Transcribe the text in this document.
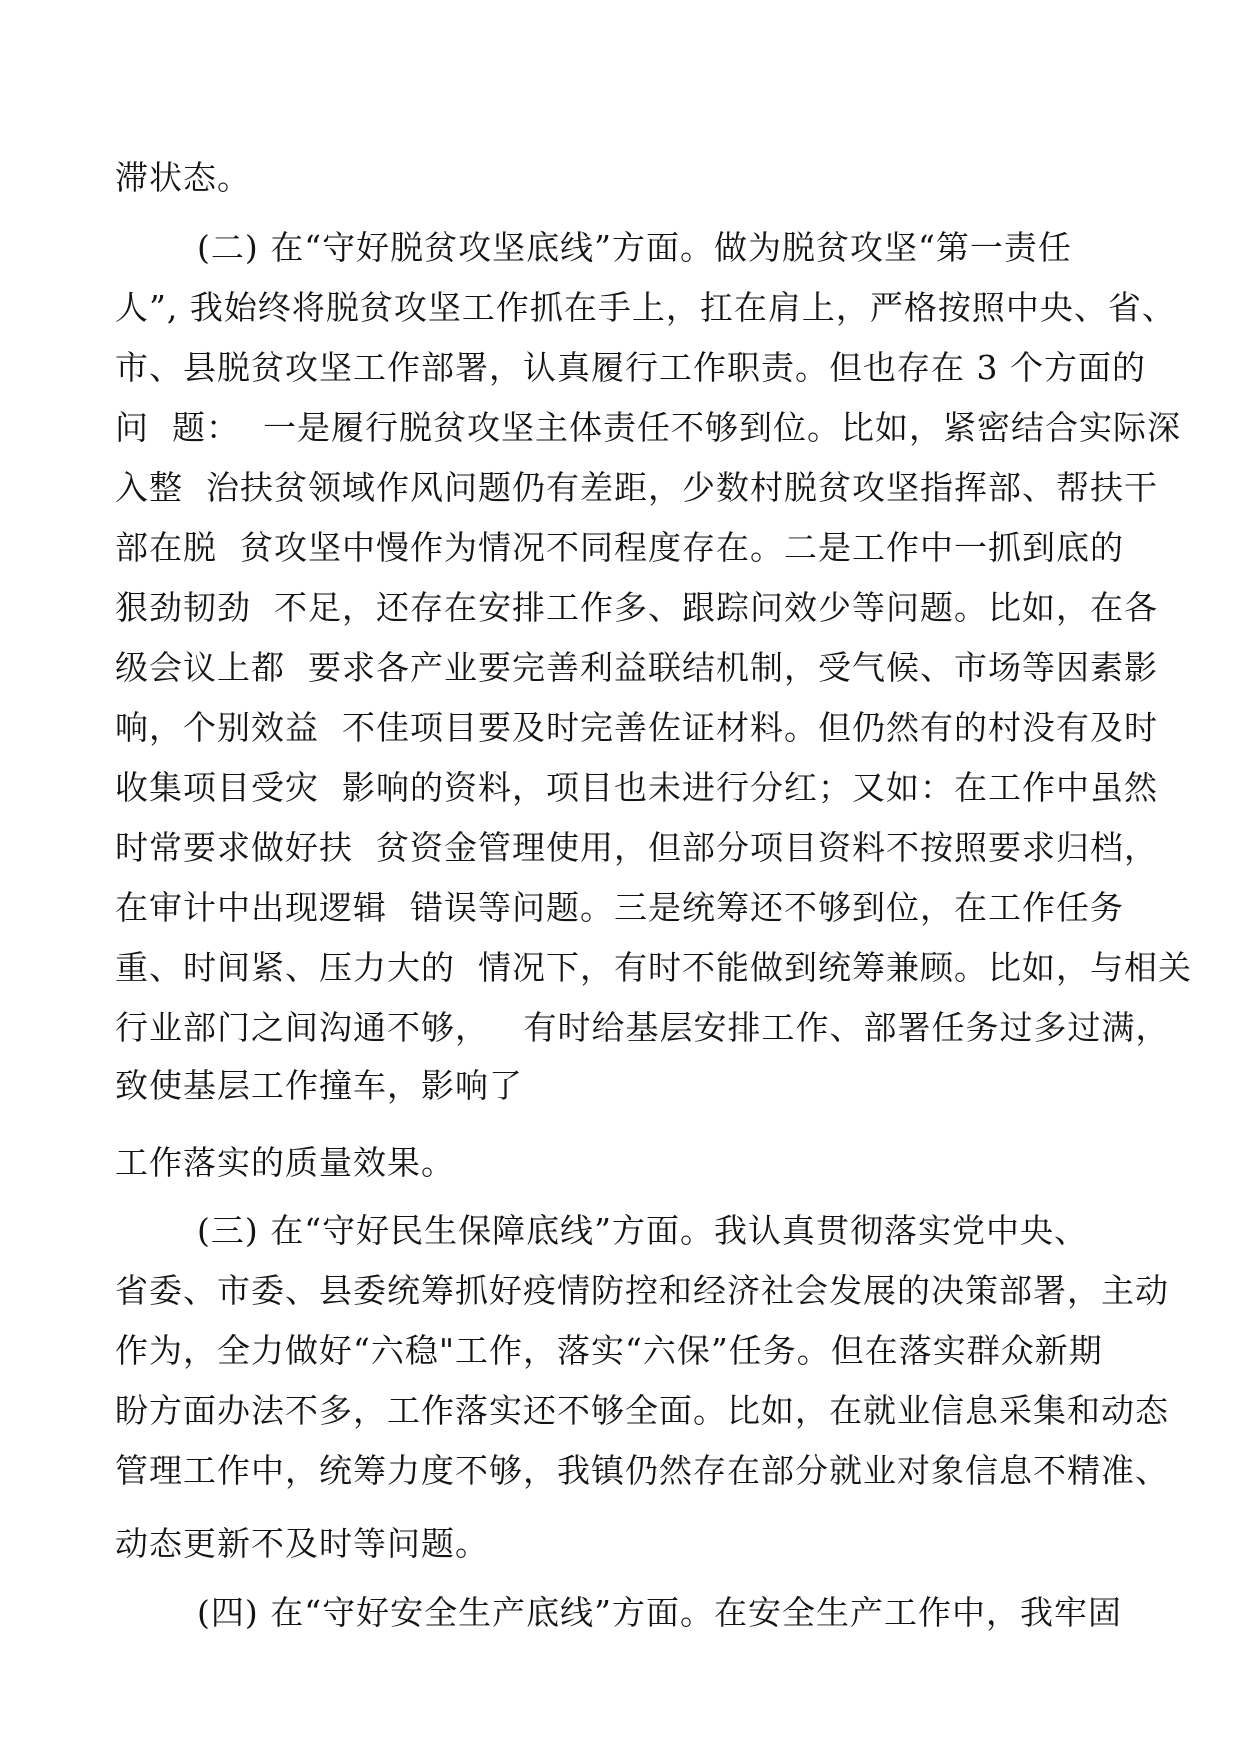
滞状态。
(二) 在“守好脱贫攻坚底线”方面。做为脱贫攻坚“第一责任
人”, 我始终将脱贫攻坚工作抓在手上，扛在肩上，严格按照中央、省、
市、县脱贫攻坚工作部署，认真履行工作职责。但也存在 3 个方面的
问  题：  一是履行脱贫攻坚主体责任不够到位。比如，紧密结合实际深
入整  治扶贫领域作风问题仍有差距，少数村脱贫攻坚指挥部、帮扶干
部在脱  贫攻坚中慢作为情况不同程度存在。二是工作中一抓到底的
狠劲韧劲  不足，还存在安排工作多、跟踪问效少等问题。比如，在各
级会议上都  要求各产业要完善利益联结机制，受气候、市场等因素影
响，个别效益  不佳项目要及时完善佐证材料。但仍然有的村没有及时
收集项目受灾  影响的资料，项目也未进行分红；又如：在工作中虽然
时常要求做好扶  贫资金管理使用，但部分项目资料不按照要求归档，
在审计中出现逻辑  错误等问题。三是统筹还不够到位，在工作任务
重、时间紧、压力大的  情况下，有时不能做到统筹兼顾。比如，与相关
行业部门之间沟通不够，   有时给基层安排工作、部署任务过多过满，
致使基层工作撞车，影响了
工作落实的质量效果。
(三) 在“守好民生保障底线”方面。我认真贯彻落实党中央、
省委、市委、县委统筹抓好疫情防控和经济社会发展的决策部署，主动
作为，全力做好“六稳"工作，落实“六保”任务。但在落实群众新期
盼方面办法不多，工作落实还不够全面。比如，在就业信息采集和动态
管理工作中，统筹力度不够，我镇仍然存在部分就业对象信息不精准、
动态更新不及时等问题。
(四) 在“守好安全生产底线”方面。在安全生产工作中，我牢固
